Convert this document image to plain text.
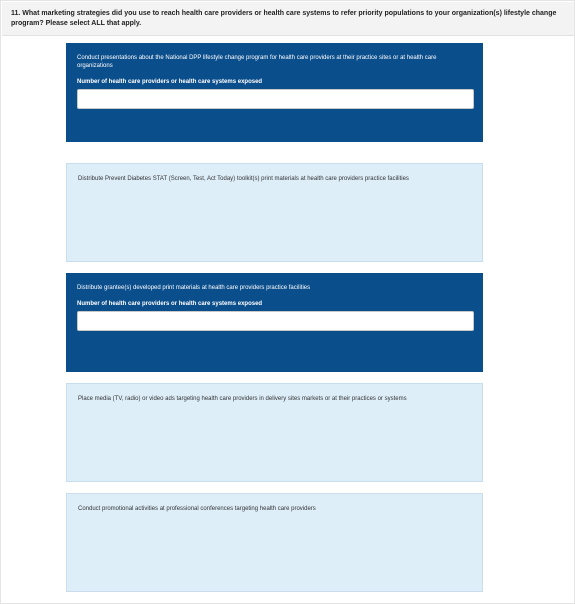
11. What marketing strategies did you use to reach health care providers or health care systems to refer priority populations to your organization(s) lifestyle change program? Please select ALL that apply.
Conduct presentations about the National DPP lifestyle change program for health care providers at their practice sites or at health care organizations
Number of health care providers or health care systems exposed
Distribute Prevent Diabetes STAT (Screen, Test, Act Today) toolkit(s) print materials at health care providers practice facilities
Distribute grantee(s) developed print materials at health care providers practice facilities
Number of health care providers or health care systems exposed
Place media (TV, radio) or video ads targeting health care providers in delivery sites markets or at their practices or systems
Conduct promotional activities at professional conferences targeting health care providers
